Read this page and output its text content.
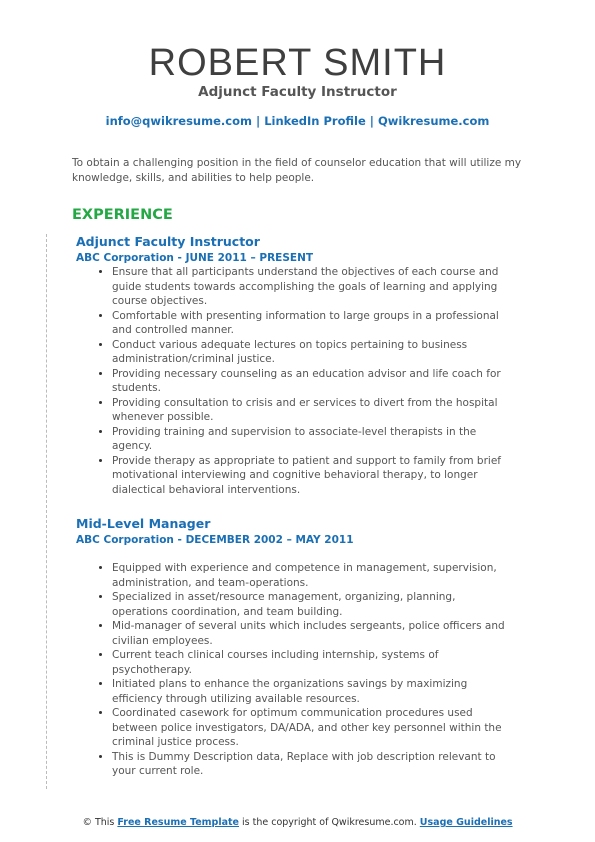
ROBERT SMITH
Adjunct Faculty Instructor
info@qwikresume.com | LinkedIn Profile | Qwikresume.com
To obtain a challenging position in the field of counselor education that will utilize my knowledge, skills, and abilities to help people.
EXPERIENCE
Adjunct Faculty Instructor
ABC Corporation - JUNE 2011 – PRESENT
• Ensure that all participants understand the objectives of each course and guide students towards accomplishing the goals of learning and applying course objectives.
• Comfortable with presenting information to large groups in a professional and controlled manner.
• Conduct various adequate lectures on topics pertaining to business administration/criminal justice.
• Providing necessary counseling as an education advisor and life coach for students.
• Providing consultation to crisis and er services to divert from the hospital whenever possible.
• Providing training and supervision to associate-level therapists in the agency.
• Provide therapy as appropriate to patient and support to family from brief motivational interviewing and cognitive behavioral therapy, to longer dialectical behavioral interventions.
Mid-Level Manager
ABC Corporation - DECEMBER 2002 – MAY 2011
• Equipped with experience and competence in management, supervision, administration, and team-operations.
• Specialized in asset/resource management, organizing, planning, operations coordination, and team building.
• Mid-manager of several units which includes sergeants, police officers and civilian employees.
• Current teach clinical courses including internship, systems of psychotherapy.
• Initiated plans to enhance the organizations savings by maximizing efficiency through utilizing available resources.
• Coordinated casework for optimum communication procedures used between police investigators, DA/ADA, and other key personnel within the criminal justice process.
• This is Dummy Description data, Replace with job description relevant to your current role.
© This Free Resume Template is the copyright of Qwikresume.com. Usage Guidelines
